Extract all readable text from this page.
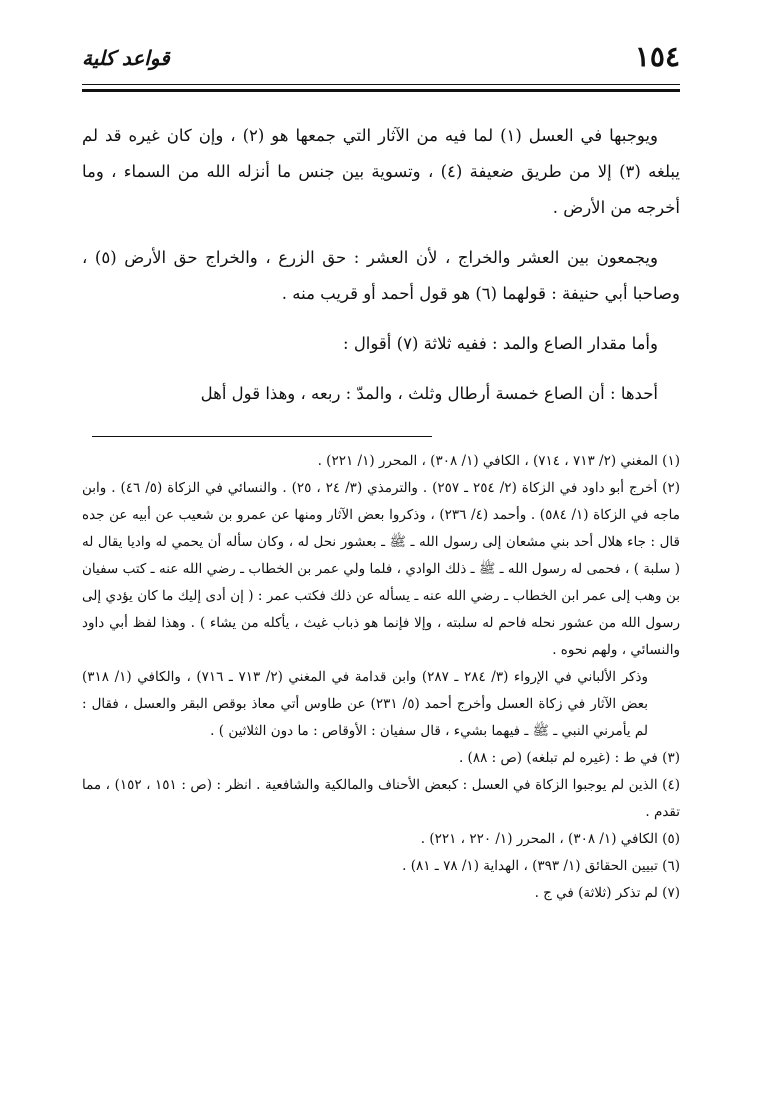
١٥٤
قواعد كلية

ويوجبها في العسل (١) لما فيه من الآثار التي جمعها هو (٢) ، وإن كان غيره قد لم يبلغه (٣) إلا من طريق ضعيفة (٤) ، وتسوية بين جنس ما أنزله الله من السماء ، وما أخرجه من الأرض .

ويجمعون بين العشر والخراج ، لأن العشر : حق الزرع ، والخراج حق الأرض (٥) ، وصاحبا أبي حنيفة : قولهما (٦) هو قول أحمد أو قريب منه .

وأما مقدار الصاع والمد : ففيه ثلاثة (٧) أقوال :

أحدها : أن الصاع خمسة أرطال وثلث ، والمدّ : ربعه ، وهذا قول أهل

(١) المغني (٢/ ٧١٣ ، ٧١٤) ، الكافي (١/ ٣٠٨) ، المحرر (١/ ٢٢١) .

(٢) أخرج أبو داود في الزكاة (٢/ ٢٥٤ ـ ٢٥٧) . والترمذي (٣/ ٢٤ ، ٢٥) . والنسائي في الزكاة (٥/ ٤٦) . وابن ماجه في الزكاة (١/ ٥٨٤) . وأحمد (٤/ ٢٣٦) ، وذكروا بعض الآثار ومنها عن عمرو بن شعيب عن أبيه عن جده قال : جاء هلال أحد بني مشعان إلى رسول الله ـ ﷺ ـ بعشور نحل له ، وكان سأله أن يحمي له واديا يقال له ( سلبة ) ، فحمى له رسول الله ـ ﷺ ـ ذلك الوادي ، فلما ولي عمر بن الخطاب ـ رضي الله عنه ـ كتب سفيان بن وهب إلى عمر ابن الخطاب ـ رضي الله عنه ـ يسأله عن ذلك فكتب عمر : ( إن أدى إليك ما كان يؤدي إلى رسول الله من عشور نحله فاحم له سلبته ، وإلا فإنما هو ذباب غيث ، يأكله من يشاء ) . وهذا لفظ أبي داود والنسائي ، ولهم نحوه .

وذكر الألباني في الإرواء (٣/ ٢٨٤ ـ ٢٨٧) وابن قدامة في المغني (٢/ ٧١٣ ـ ٧١٦) ، والكافي (١/ ٣١٨) بعض الآثار في زكاة العسل وأخرج أحمد (٥/ ٢٣١) عن طاوس أتي معاذ بوقص البقر والعسل ، فقال : لم يأمرني النبي ـ ﷺ ـ فيهما بشيء ، قال سفيان : الأوقاص : ما دون الثلاثين ) .

(٣) في ط : (غيره لم تبلغه) (ص : ٨٨) .

(٤) الذين لم يوجبوا الزكاة في العسل : كبعض الأحناف والمالكية والشافعية . انظر : (ص : ١٥١ ، ١٥٢) ، مما تقدم .

(٥) الكافي (١/ ٣٠٨) ، المحرر (١/ ٢٢٠ ، ٢٢١) .

(٦) تبيين الحقائق (١/ ٣٩٣) ، الهداية (١/ ٧٨ ـ ٨١) .

(٧) لم تذكر (ثلاثة) في ج .
